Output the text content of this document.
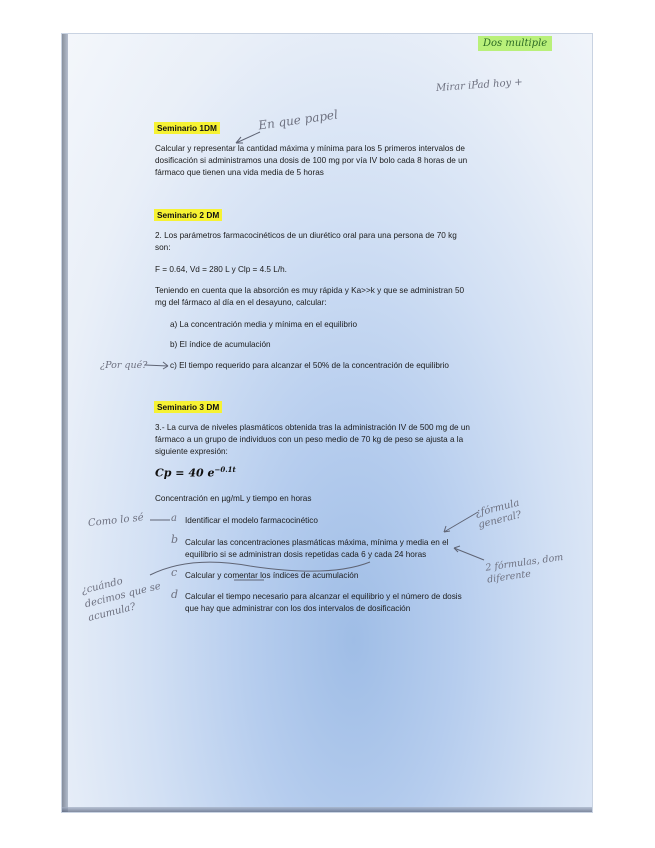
Dos multiple
Mirar iPad hoy +
Seminario 1DM	En que papel
Calcular y representar la cantidad máxima y mínima para los 5 primeros intervalos de
dosificación si administramos una dosis de 100 mg por vía IV bolo cada 8 horas de un
fármaco que tienen una vida media de 5 horas
Seminario 2 DM
2. Los parámetros farmacocinéticos de un diurético oral para una persona de 70 kg
son:
F = 0.64, Vd = 280 L y Clp = 4.5 L/h.
Teniendo en cuenta que la absorción es muy rápida y Ka>>k y que se administran 50
mg del fármaco al día en el desayuno, calcular:
a) La concentración media y mínima en el equilibrio
b) El índice de acumulación
c) El tiempo requerido para alcanzar el 50% de la concentración de equilibrio
¿Por qué?
Seminario 3 DM
3.- La curva de niveles plasmáticos obtenida tras la administración IV de 500 mg de un
fármaco a un grupo de individuos con un peso medio de 70 kg de peso se ajusta a la
siguiente expresión:
Cp = 40 $e^{-0.1t}$
Concentración en µg/mL y tiempo en horas
a Identificar el modelo farmacocinético
b Calcular las concentraciones plasmáticas máxima, mínima y media en el
equilibrio si se administran dosis repetidas cada 6 y cada 24 horas
c Calcular y comentar los índices de acumulación
d Calcular el tiempo necesario para alcanzar el equilibrio y el número de dosis
que hay que administrar con los dos intervalos de dosificación
Como lo sé
¿cuándo decimos que se acumula?
¿fórmula general?
2 fórmulas, dom diferente
